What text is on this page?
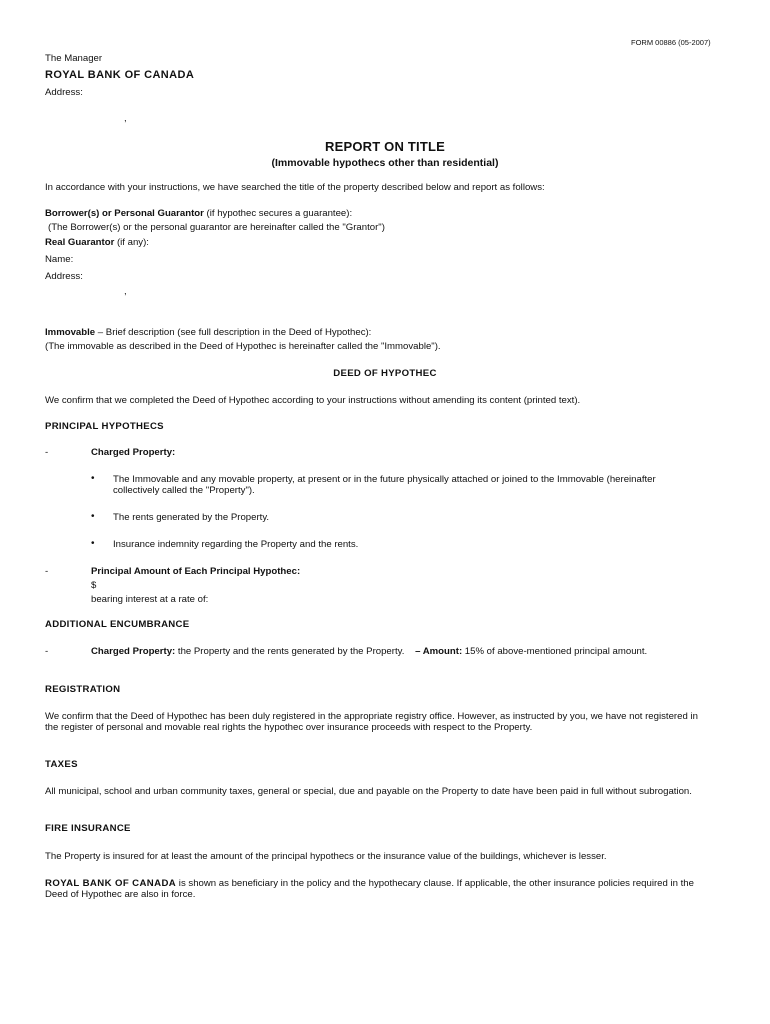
FORM 00886 (05-2007)
The Manager
ROYAL BANK OF CANADA
Address:
,
REPORT ON TITLE
(Immovable hypothecs other than residential)
In accordance with your instructions, we have searched the title of the property described below and report as follows:
Borrower(s) or Personal Guarantor (if hypothec secures a guarantee):
(The Borrower(s) or the personal guarantor are hereinafter called the "Grantor")
Real Guarantor (if any):
Name:
Address:
,
Immovable – Brief description (see full description in the Deed of Hypothec):
(The immovable as described in the Deed of Hypothec is hereinafter called the "Immovable").
DEED OF HYPOTHEC
We confirm that we completed the Deed of Hypothec according to your instructions without amending its content (printed text).
PRINCIPAL HYPOTHECS
-	Charged Property:
• The Immovable and any movable property, at present or in the future physically attached or joined to the Immovable (hereinafter collectively called the "Property").
• The rents generated by the Property.
• Insurance indemnity regarding the Property and the rents.
-	Principal Amount of Each Principal Hypothec:
$
bearing interest at a rate of:
ADDITIONAL ENCUMBRANCE
-	Charged Property: the Property and the rents generated by the Property. – Amount: 15% of above-mentioned principal amount.
REGISTRATION
We confirm that the Deed of Hypothec has been duly registered in the appropriate registry office. However, as instructed by you, we have not registered in the register of personal and movable real rights the hypothec over insurance proceeds with respect to the Property.
TAXES
All municipal, school and urban community taxes, general or special, due and payable on the Property to date have been paid in full without subrogation.
FIRE INSURANCE
The Property is insured for at least the amount of the principal hypothecs or the insurance value of the buildings, whichever is lesser.
ROYAL BANK OF CANADA is shown as beneficiary in the policy and the hypothecary clause. If applicable, the other insurance policies required in the Deed of Hypothec are also in force.
